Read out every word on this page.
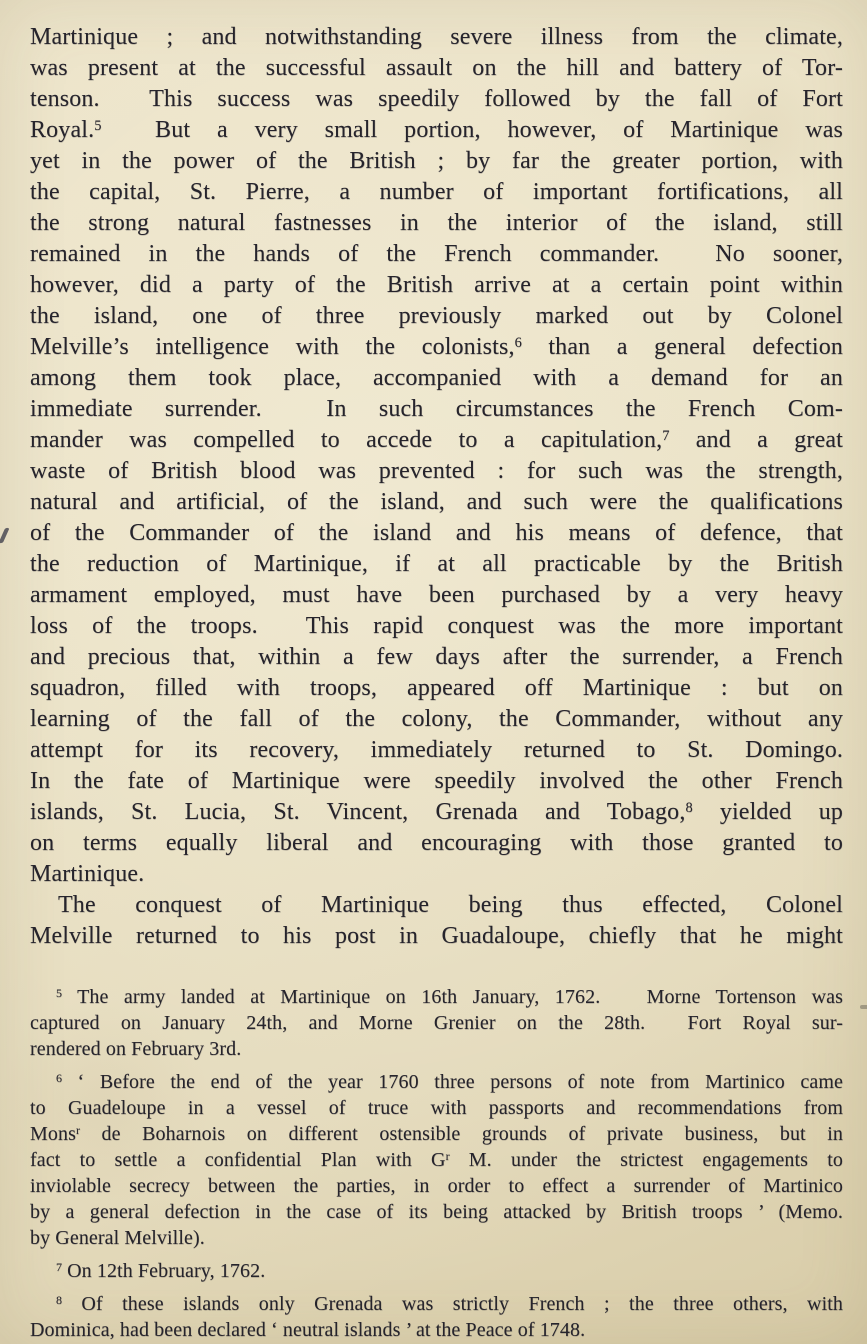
Martinique ; and notwithstanding severe illness from the climate,
was present at the successful assault on the hill and battery of Tor-
tenson.  This success was speedily followed by the fall of Fort
Royal.$^5$  But a very small portion, however, of Martinique was
yet in the power of the British ; by far the greater portion, with
the capital, St. Pierre, a number of important fortifications, all
the strong natural fastnesses in the interior of the island, still
remained in the hands of the French commander.  No sooner,
however, did a party of the British arrive at a certain point within
the island, one of three previously marked out by Colonel
Melville’s intelligence with the colonists,$^6$ than a general defection
among them took place, accompanied with a demand for an
immediate surrender.  In such circumstances the French Com-
mander was compelled to accede to a capitulation,$^7$ and a great
waste of British blood was prevented : for such was the strength,
natural and artificial, of the island, and such were the qualifications
of the Commander of the island and his means of defence, that
the reduction of Martinique, if at all practicable by the British
armament employed, must have been purchased by a very heavy
loss of the troops.  This rapid conquest was the more important
and precious that, within a few days after the surrender, a French
squadron, filled with troops, appeared off Martinique : but on
learning of the fall of the colony, the Commander, without any
attempt for its recovery, immediately returned to St. Domingo.
In the fate of Martinique were speedily involved the other French
islands, St. Lucia, St. Vincent, Grenada and Tobago,$^8$ yielded up
on terms equally liberal and encouraging with those granted to
Martinique.
The conquest of Martinique being thus effected, Colonel
Melville returned to his post in Guadaloupe, chiefly that he might
$^5$ The army landed at Martinique on 16th January, 1762.   Morne Tortenson was
captured on January 24th, and Morne Grenier on the 28th.  Fort Royal sur-
rendered on February 3rd.
$^6$ ‘ Before the end of the year 1760 three persons of note from Martinico came
to Guadeloupe in a vessel of truce with passports and recommendations from
Mons$^r$ de Boharnois on different ostensible grounds of private business, but in
fact to settle a confidential Plan with $G^r$ M. under the strictest engagements to
inviolable secrecy between the parties, in order to effect a surrender of Martinico
by a general defection in the case of its being attacked by British troops ’ (Memo.
by General Melville).
$^7$ On 12th February, 1762.
$^8$ Of these islands only Grenada was strictly French ; the three others, with
Dominica, had been declared ‘ neutral islands ’ at the Peace of 1748.
